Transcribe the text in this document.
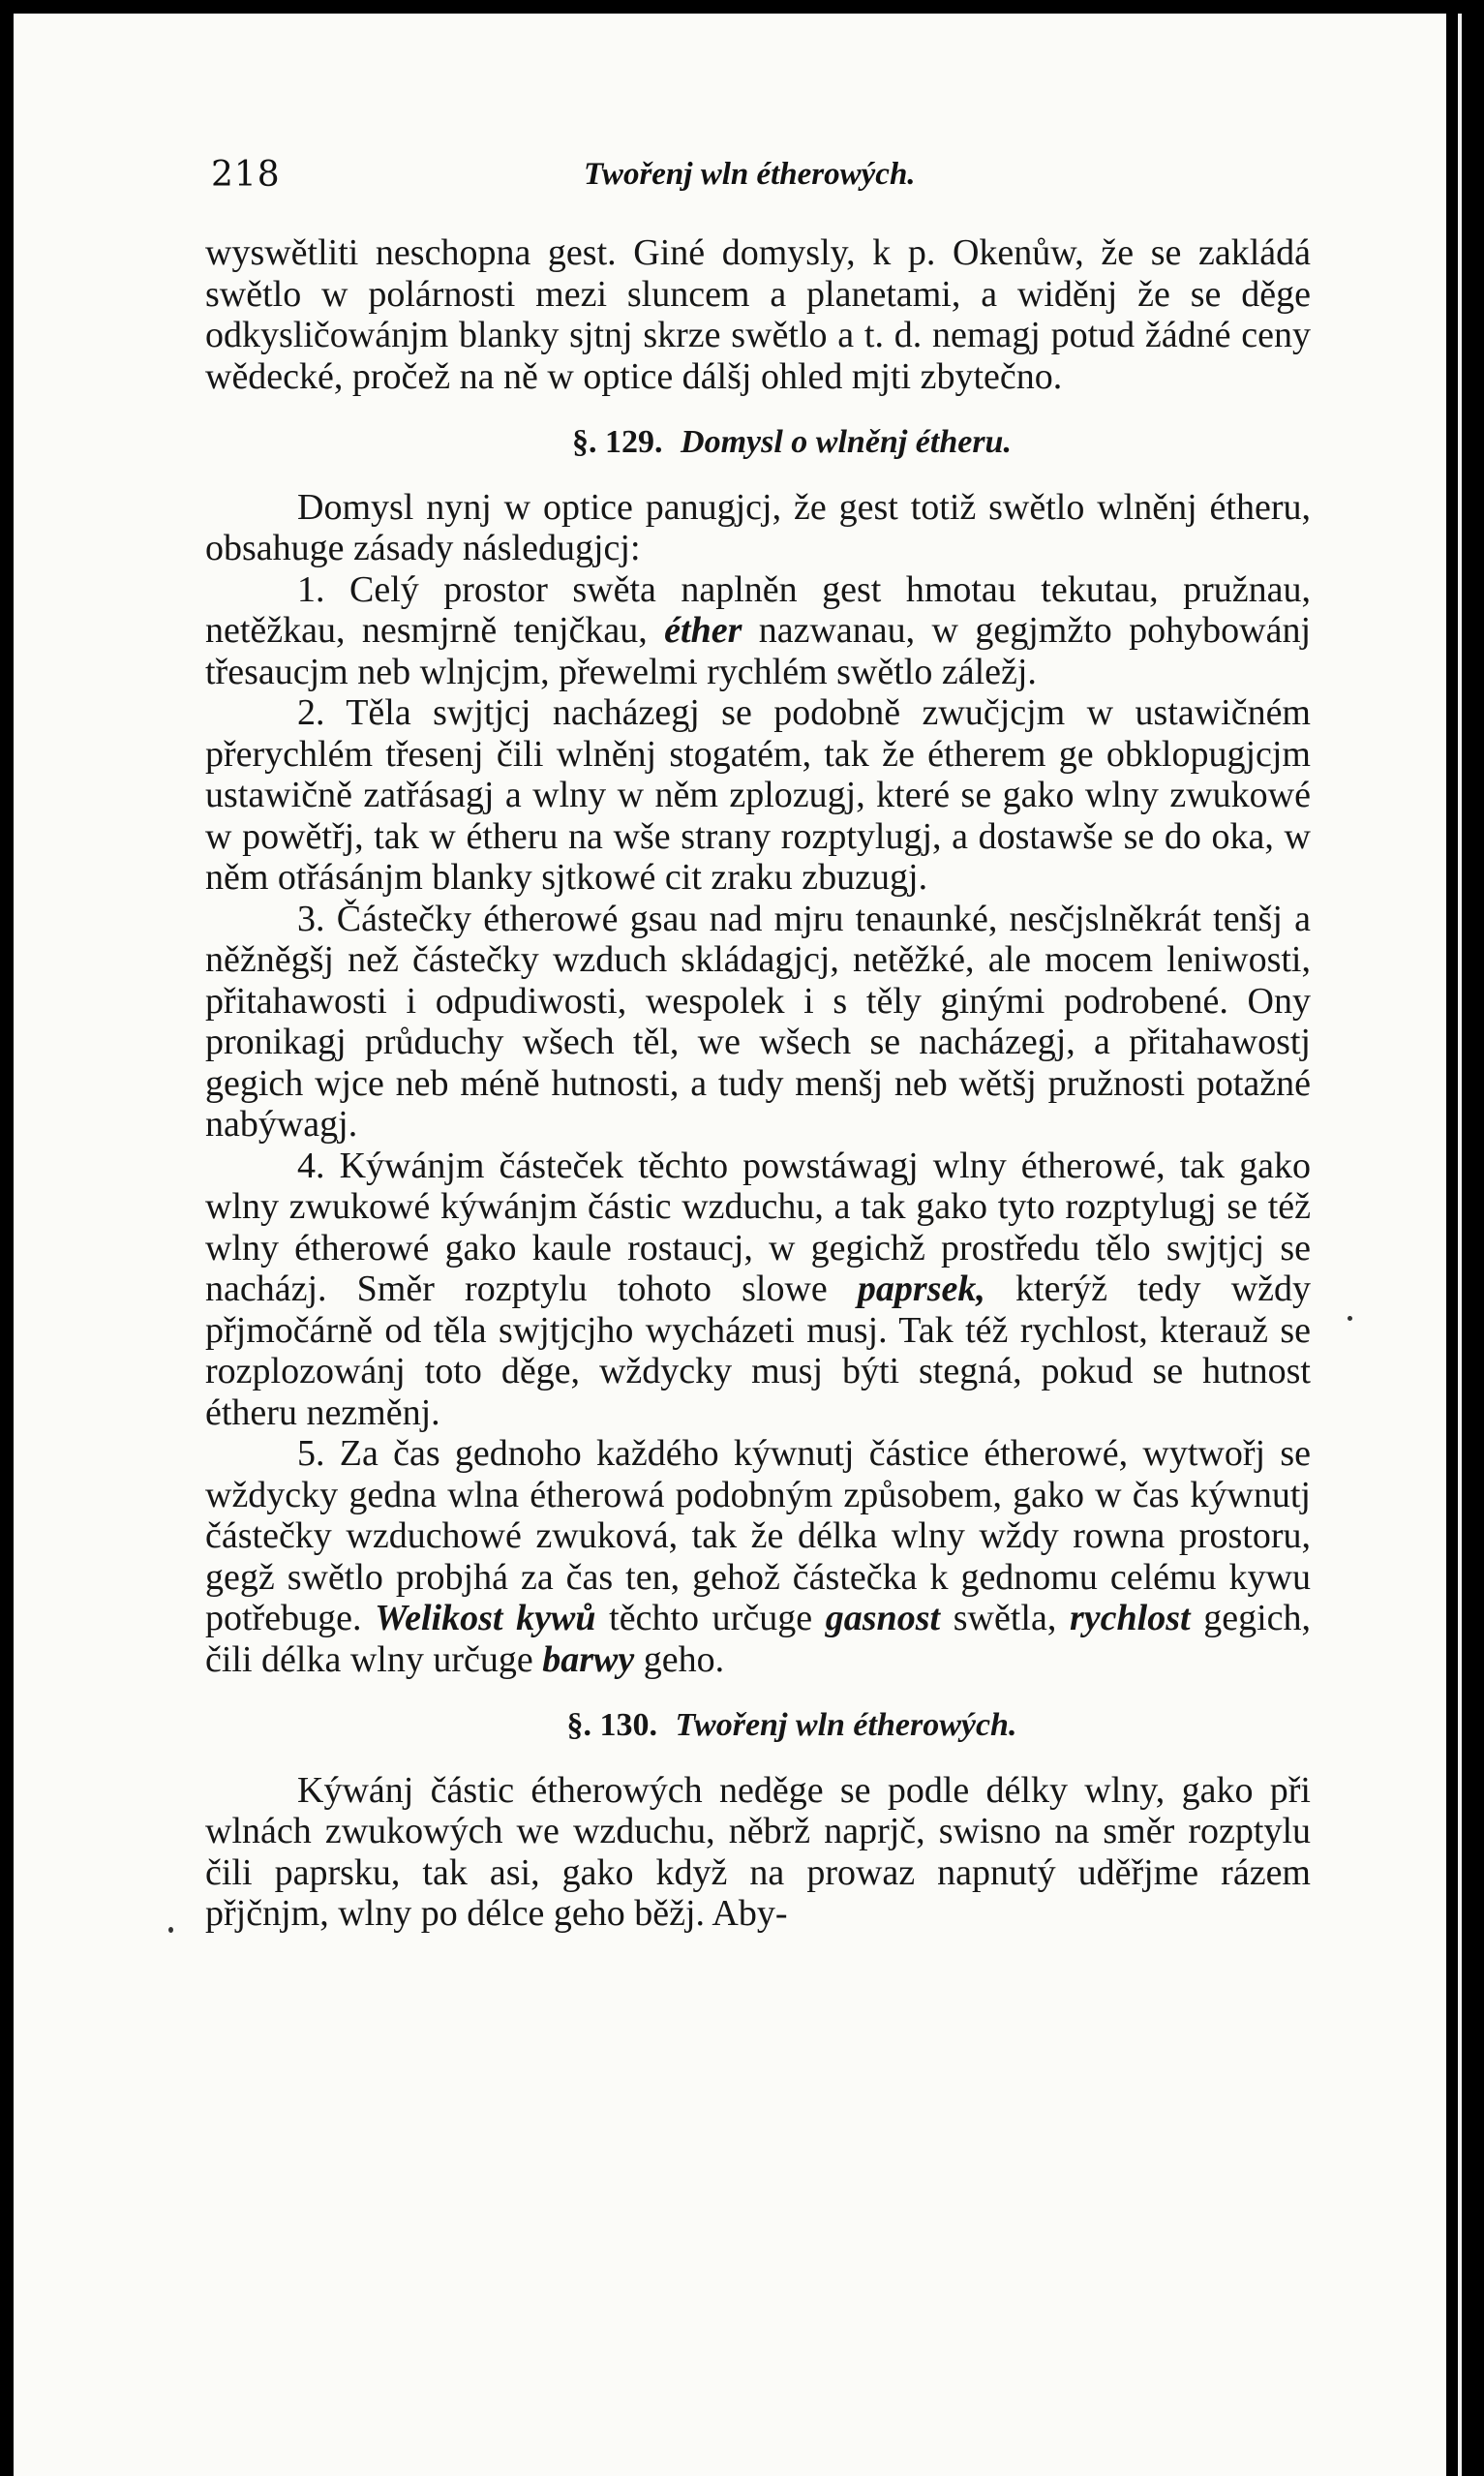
218	Twořenj wln étherowých.

wyswětliti neschopna gest. Giné domysly, k p. Okenůw, že se zakládá swětlo w polárnosti mezi sluncem a planetami, a widěnj že se děge odkysličowánjm blanky sjtnj skrze swětlo a t. d. nemagj potud žádné ceny wědecké, pročež na ně w optice dálšj ohled mjti zbytečno.

§. 129. Domysl o wlněnj étheru.

Domysl nynj w optice panugjcj, že gest totiž swětlo wlněnj étheru, obsahuge zásady následugjcj:

1. Celý prostor swěta naplněn gest hmotau tekutau, pružnau, netěžkau, nesmjrně tenjčkau, éther nazwanau, w gegjmžto pohybowánj třesaucjm neb wlnjcjm, přewelmi rychlém swětlo záležj.

2. Těla swjtjcj nacházegj se podobně zwučjcjm w ustawičném přerychlém třesenj čili wlněnj stogatém, tak že étherem ge obklopugjcjm ustawičně zatřásagj a wlny w něm zplozugj, které se gako wlny zwukowé w powětřj, tak w étheru na wše strany rozptylugj, a dostawše se do oka, w něm otřásánjm blanky sjtkowé cit zraku zbuzugj.

3. Částečky étherowé gsau nad mjru tenaunké, nesčjslněkrát tenšj a něžněgšj než částečky wzduch skládagjcj, netěžké, ale mocem leniwosti, přitahawosti i odpudiwosti, wespolek i s těly ginými podrobené. Ony pronikagj průduchy wšech těl, we wšech se nacházegj, a přitahawostj gegich wjce neb méně hutnosti, a tudy menšj neb wětšj pružnosti potažné nabýwagj.

4. Kýwánjm částeček těchto powstáwagj wlny étherowé, tak gako wlny zwukowé kýwánjm částic wzduchu, a tak gako tyto rozptylugj se též wlny étherowé gako kaule rostaucj, w gegichž prostředu tělo swjtjcj se nacházj. Směr rozptylu tohoto slowe paprsek, kterýž tedy wždy přjmočárně od těla swjtjcjho wycházeti musj. Tak též rychlost, kterauž se rozplozowánj toto děge, wždycky musj býti stegná, pokud se hutnost étheru nezměnj.

5. Za čas gednoho každého kýwnutj částice étherowé, wytwořj se wždycky gedna wlna étherowá podobným způsobem, gako w čas kýwnutj částečky wzduchowé zwuková, tak že délka wlny wždy rowna prostoru, gegž swětlo probjhá za čas ten, gehož částečka k gednomu celému kywu potřebuge. Welikost kywů těchto určuge gasnost swětla, rychlost gegich, čili délka wlny určuge barwy geho.

§. 130. Twořenj wln étherowých.

Kýwánj částic étherowých neděge se podle délky wlny, gako při wlnách zwukowých we wzduchu, něbrž naprjč, swisno na směr rozptylu čili paprsku, tak asi, gako když na prowaz napnutý uděřjme rázem přjčnjm, wlny po délce geho běžj. Aby-
